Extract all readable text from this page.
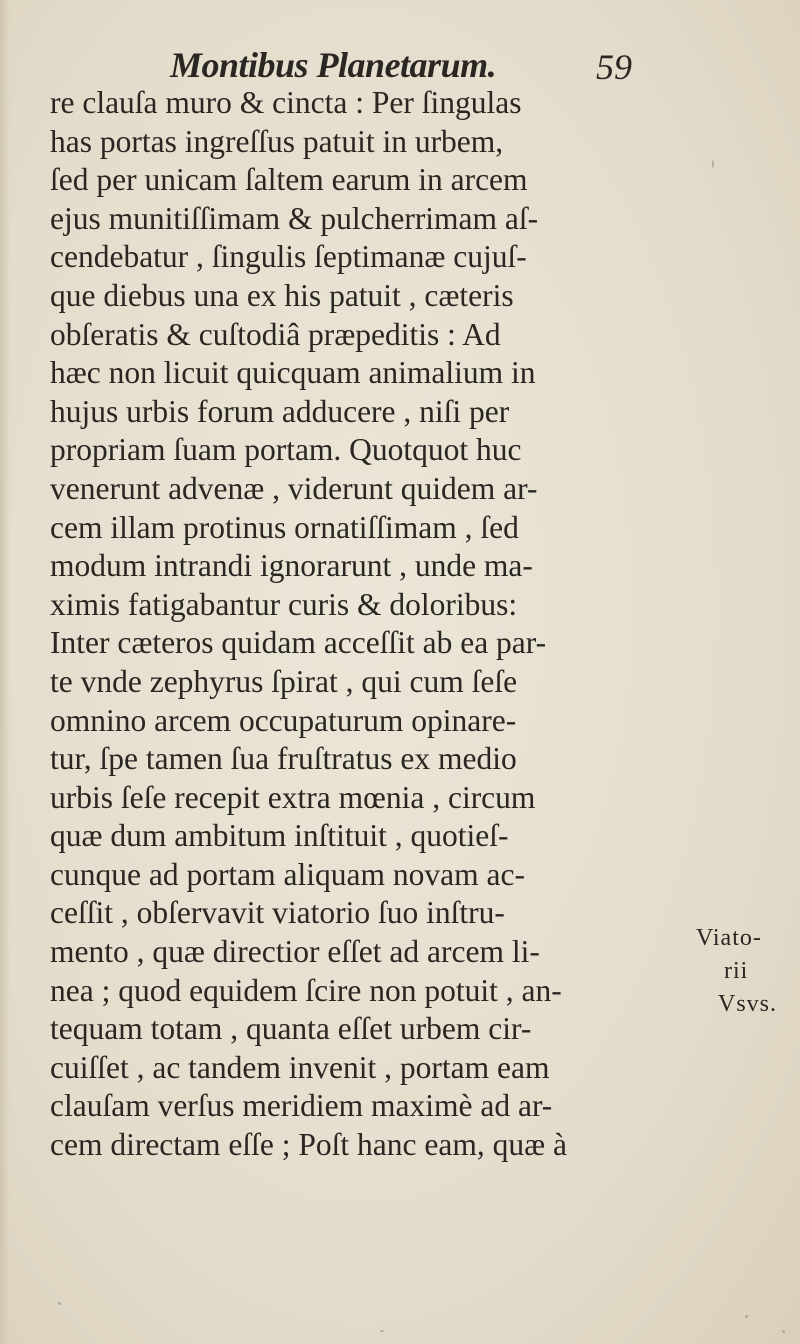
Montibus Planetarum.	59
re clauſa muro & cincta : Per ſingulas
has portas ingreſſus patuit in urbem,
ſed per unicam ſaltem earum in arcem
ejus munitiſſimam & pulcherrimam aſ-
cendebatur , ſingulis ſeptimanæ cujuſ-
que diebus una ex his patuit , cæteris
obſeratis & cuſtodiâ præpeditis : Ad
hæc non licuit quicquam animalium in
hujus urbis forum adducere , niſi per
propriam ſuam portam. Quotquot huc
venerunt advenæ , viderunt quidem ar-
cem illam protinus ornatiſſimam , ſed
modum intrandi ignorarunt , unde ma-
ximis fatigabantur curis & doloribus:
Inter cæteros quidam acceſſit ab ea par-
te vnde zephyrus ſpirat , qui cum ſeſe
omnino arcem occupaturum opinare-
tur, ſpe tamen ſua fruſtratus ex medio
urbis ſeſe recepit extra mœnia , circum
quæ dum ambitum inſtituit , quotieſ-
cunque ad portam aliquam novam ac-
ceſſit , obſervavit viatorio ſuo inſtru-
mento , quæ directior eſſet ad arcem li-
nea ; quod equidem ſcire non potuit , an-
tequam totam , quanta eſſet urbem cir-
cuiſſet , ac tandem invenit , portam eam
clauſam verſus meridiem maximè ad ar-
cem directam eſſe ; Poſt hanc eam, quæ à
Viato-
rii
Vsvs.
